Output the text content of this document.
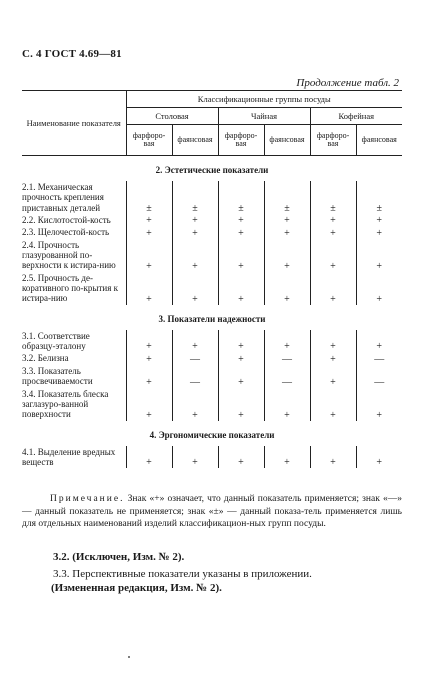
С. 4 ГОСТ 4.69—81
Продолжение табл. 2
Наименование показателя	Классификационные группы посуды					
	Столовая		Чайная		Кофейная	
	фарфоро-вая	фаянсовая	фарфоро-вая	фаянсовая	фарфоро-вая	фаянсовая
2. Эстетические показатели						
2.1. Механическая прочность крепления приставных деталей	±	±	±	±	±	±
2.2. Кислотостой-кость	+	+	+	+	+	+
2.3. Щелочестой-кость	+	+	+	+	+	+
2.4. Прочность глазурованной по-верхности к истира-нию	+	+	+	+	+	+
2.5. Прочность де-коративного по-крытия к истира-нию	+	+	+	+	+	+
3. Показатели надежности						
3.1. Соответствие образцу-эталону	+	+	+	+	+	+
3.2. Белизна	+	—	+	—	+	—
3.3. Показатель просвечиваемости	+	—	+	—	+	—
3.4. Показатель блеска заглазуро-ванной поверхности	+	+	+	+	+	+
4. Эргономические показатели						
4.1. Выделение вредных веществ	+	+	+	+	+	+
Примечание. Знак «+» означает, что данный показатель применяется; знак «—» — данный показатель не применяется; знак «±» — данный показа-тель применяется лишь для отдельных наименований изделий классификацион-ных групп посуды.
3.2. (Исключен, Изм. № 2).
3.3. Перспективные показатели указаны в приложении.
(Измененная редакция, Изм. № 2).
